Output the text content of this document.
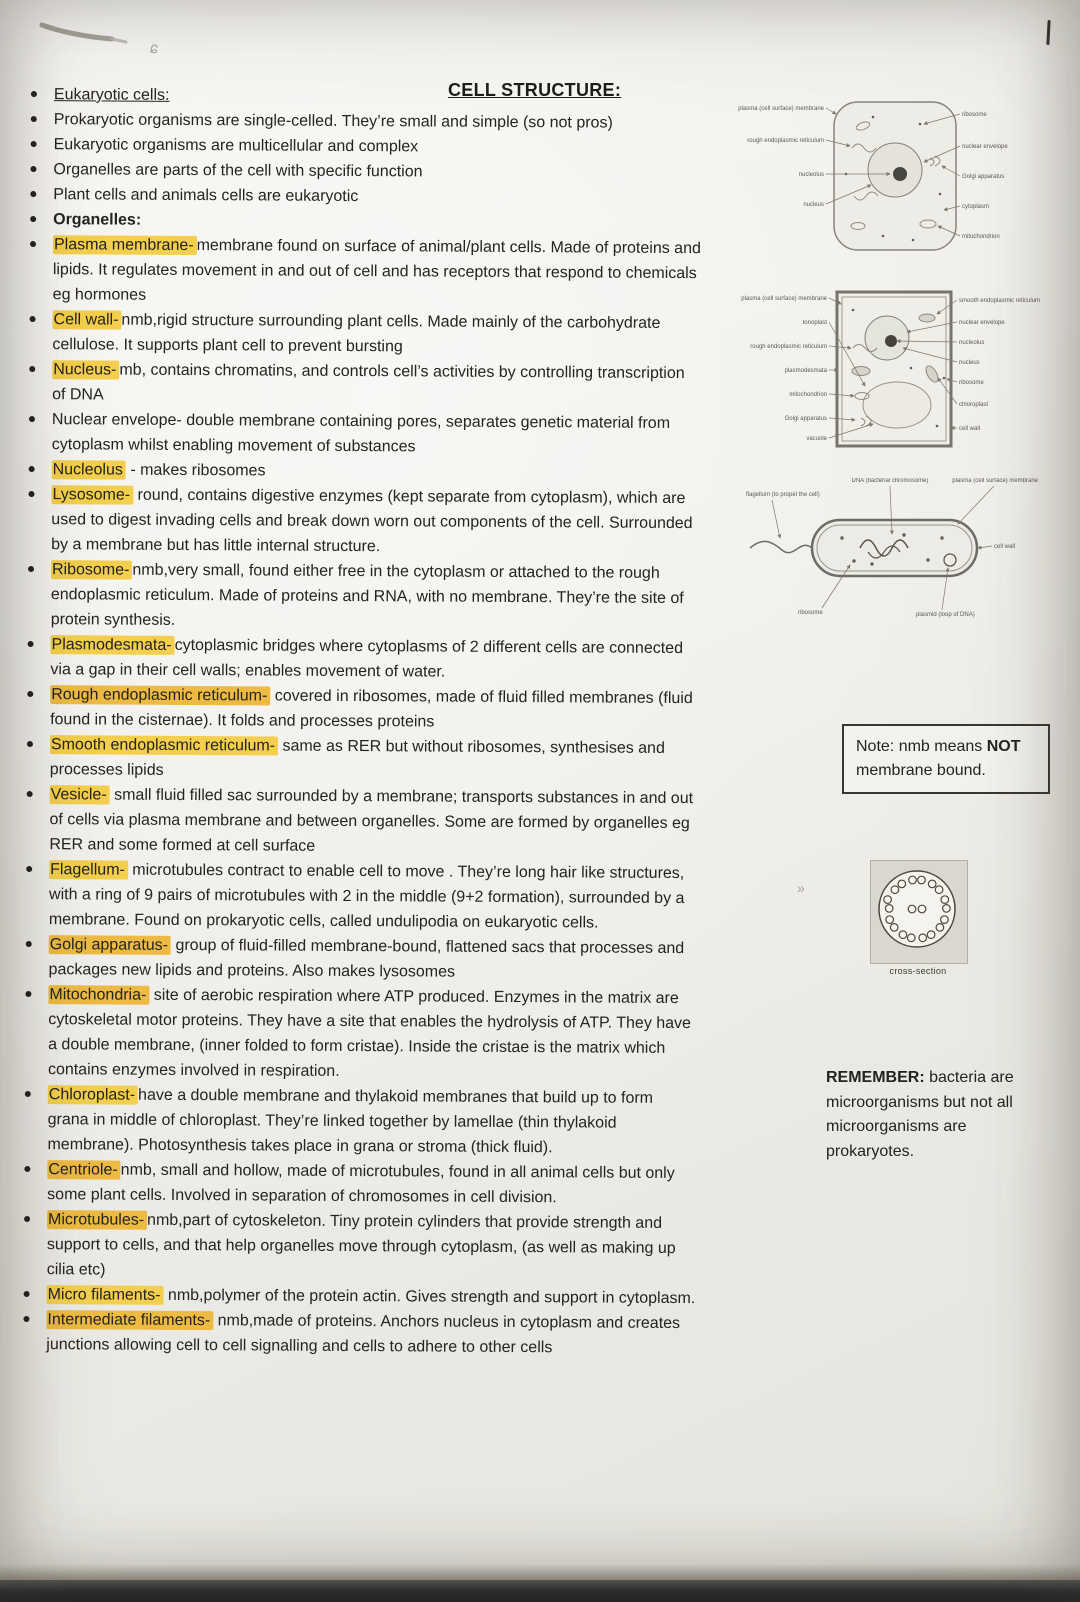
ɕ
»
CELL STRUCTURE:
Eukaryotic cells:
Prokaryotic organisms are single-celled. They’re small and simple (so not pros)
Eukaryotic organisms are multicellular and complex
Organelles are parts of the cell with specific function
Plant cells and animals cells are eukaryotic
Organelles:
Plasma membrane- membrane found on surface of animal/plant cells. Made of proteins and lipids. It regulates movement in and out of cell and has receptors that respond to chemicals eg hormones
Cell wall- nmb,rigid structure surrounding plant cells. Made mainly of the carbohydrate cellulose. It supports plant cell to prevent bursting
Nucleus- mb, contains chromatins, and controls cell’s activities by controlling transcription of DNA
Nuclear envelope- double membrane containing pores, separates genetic material from cytoplasm whilst enabling movement of substances
Nucleolus - makes ribosomes
Lysosome- round, contains digestive enzymes (kept separate from cytoplasm), which are used to digest invading cells and break down worn out components of the cell. Surrounded by a membrane but has little internal structure.
Ribosome- nmb,very small, found either free in the cytoplasm or attached to the rough endoplasmic reticulum. Made of proteins and RNA, with no membrane. They’re the site of protein synthesis.
Plasmodesmata- cytoplasmic bridges where cytoplasms of 2 different cells are connected via a gap in their cell walls; enables movement of water.
Rough endoplasmic reticulum- covered in ribosomes, made of fluid filled membranes (fluid found in the cisternae). It folds and processes proteins
Smooth endoplasmic reticulum- same as RER but without ribosomes, synthesises and processes lipids
Vesicle- small fluid filled sac surrounded by a membrane; transports substances in and out of cells via plasma membrane and between organelles. Some are formed by organelles eg RER and some formed at cell surface
Flagellum- microtubules contract to enable cell to move . They’re long hair like structures, with a ring of 9 pairs of microtubules with 2 in the middle (9+2 formation), surrounded by a membrane. Found on prokaryotic cells, called undulipodia on eukaryotic cells.
Golgi apparatus- group of fluid-filled membrane-bound, flattened sacs that processes and packages new lipids and proteins. Also makes lysosomes
Mitochondria- site of aerobic respiration where ATP produced. Enzymes in the matrix are cytoskeletal motor proteins. They have a site that enables the hydrolysis of ATP. They have a double membrane, (inner folded to form cristae). Inside the cristae is the matrix which contains enzymes involved in respiration.
Chloroplast- have a double membrane and thylakoid membranes that build up to form grana in middle of chloroplast. They’re linked together by lamellae (thin thylakoid membrane). Photosynthesis takes place in grana or stroma (thick fluid).
Centriole- nmb, small and hollow, made of microtubules, found in all animal cells but only some plant cells. Involved in separation of chromosomes in cell division.
Microtubules- nmb,part of cytoskeleton. Tiny protein cylinders that provide strength and support to cells, and that help organelles move through cytoplasm, (as well as making up cilia etc)
Micro filaments- nmb,polymer of the protein actin. Gives strength and support in cytoplasm.
Intermediate filaments- nmb,made of proteins. Anchors nucleus in cytoplasm and creates junctions allowing cell to cell signalling and cells to adhere to other cells
plasma (cell surface) membrane
rough endoplasmic reticulum
nucleolus
nucleus
ribosome
nuclear envelope
Golgi apparatus
cytoplasm
mitochondrion
plasma (cell surface) membrane
tonoplast
rough endoplasmic reticulum
plasmodesmata
mitochondrion
Golgi apparatus
vacuole
smooth endoplasmic reticulum
nuclear envelope
nucleolus
nucleus
ribosome
chloroplast
cell wall
flagellum (to propel the cell)
DNA (bacterial chromosome)	plasma (cell surface) membrane
cell wall
ribosome	plasmid (loop of DNA)
Note: nmb means NOT membrane bound.
cross-section
REMEMBER: bacteria are microorganisms but not all microorganisms are prokaryotes.
